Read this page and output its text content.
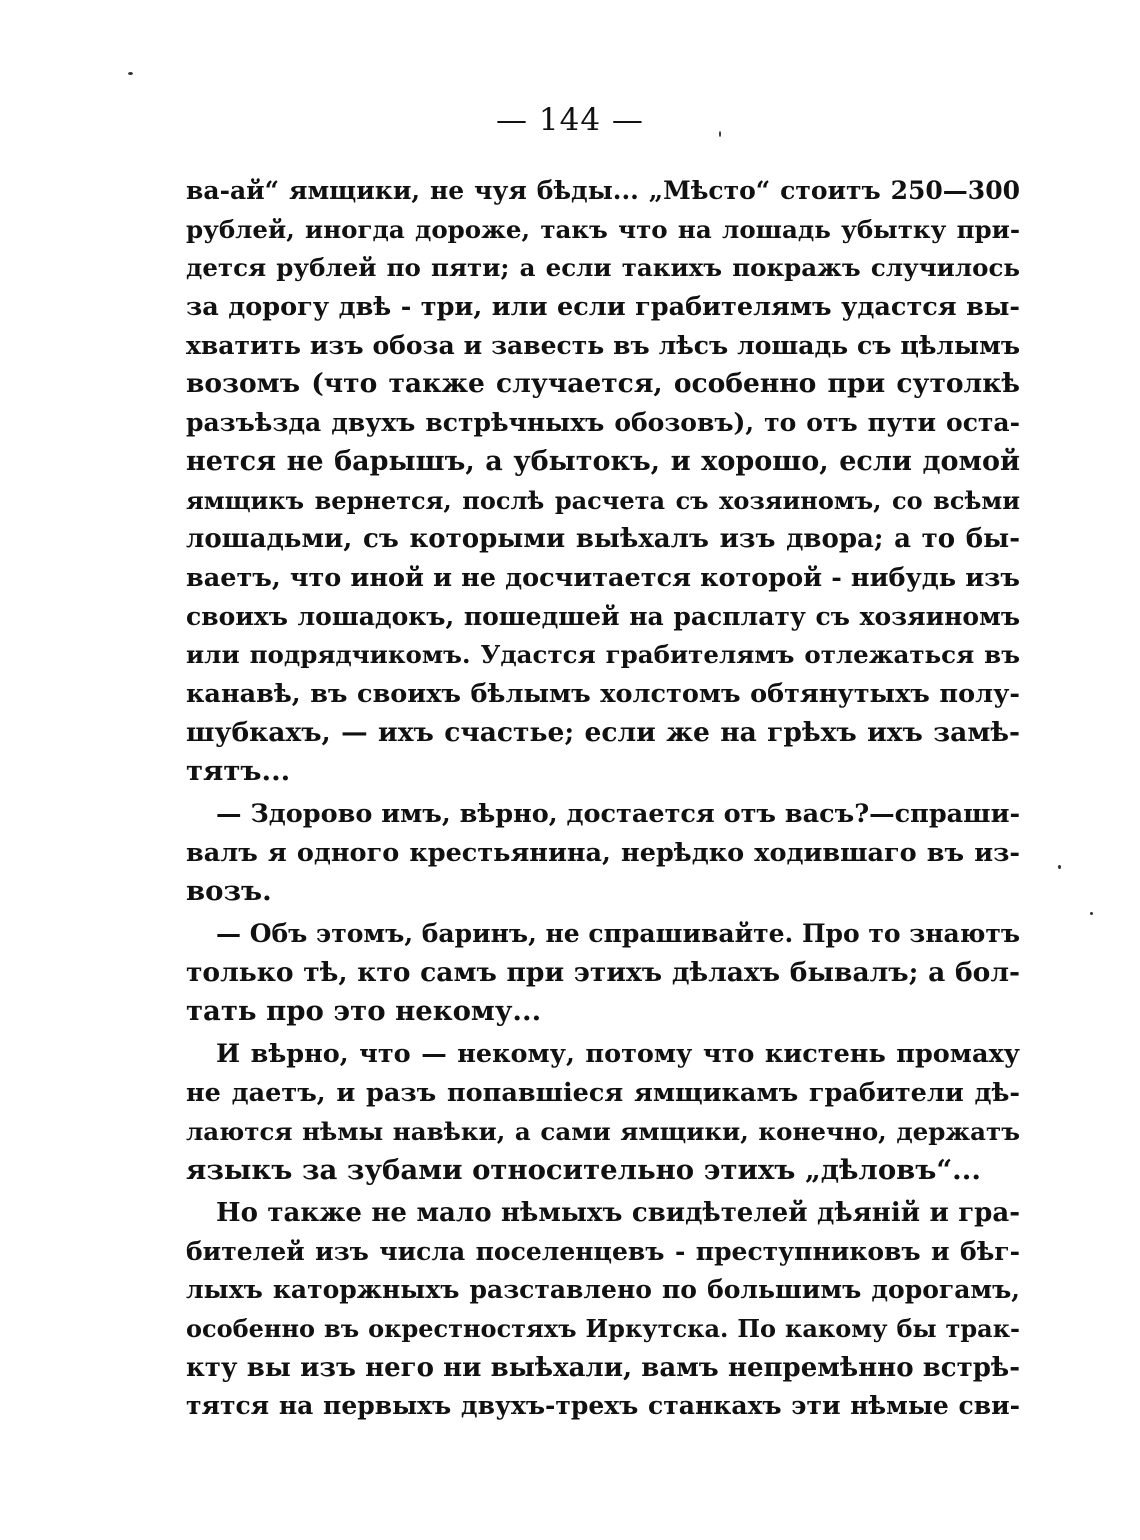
— 144 —
ва-ай“ ямщики, не чуя бѣды... „Мѣсто“ стоитъ 250—300
рублей, иногда дороже, такъ что на лошадь убытку при-
дется рублей по пяти; а если такихъ покражъ случилось
за дорогу двѣ - три, или если грабителямъ удастся вы-
хватить изъ обоза и завесть въ лѣсъ лошадь съ цѣлымъ
возомъ (что также случается, особенно при сутолкѣ
разъѣзда двухъ встрѣчныхъ обозовъ), то отъ пути оста-
нется не барышъ, а убытокъ, и хорошо, если домой
ямщикъ вернется, послѣ расчета съ хозяиномъ, со всѣми
лошадьми, съ которыми выѣхалъ изъ двора; а то бы-
ваетъ, что иной и не досчитается которой - нибудь изъ
своихъ лошадокъ, пошедшей на расплату съ хозяиномъ
или подрядчикомъ. Удастся грабителямъ отлежаться въ
канавѣ, въ своихъ бѣлымъ холстомъ обтянутыхъ полу-
шубкахъ, — ихъ счастье; если же на грѣхъ ихъ замѣ-
тятъ...
— Здорово имъ, вѣрно, достается отъ васъ?—спраши-
валъ я одного крестьянина, нерѣдко ходившаго въ из-
возъ.
— Объ этомъ, баринъ, не спрашивайте. Про то знаютъ
только тѣ, кто самъ при этихъ дѣлахъ бывалъ; а бол-
тать про это некому...
И вѣрно, что — некому, потому что кистень промаху
не даетъ, и разъ попавшіеся ямщикамъ грабители дѣ-
лаются нѣмы навѣки, а сами ямщики, конечно, держатъ
языкъ за зубами относительно этихъ „дѣловъ“...
Но также не мало нѣмыхъ свидѣтелей дѣяній и гра-
бителей изъ числа поселенцевъ - преступниковъ и бѣг-
лыхъ каторжныхъ разставлено по большимъ дорогамъ,
особенно въ окрестностяхъ Иркутска. По какому бы трак-
кту вы изъ него ни выѣхали, вамъ непремѣнно встрѣ-
тятся на первыхъ двухъ-трехъ станкахъ эти нѣмые сви-
